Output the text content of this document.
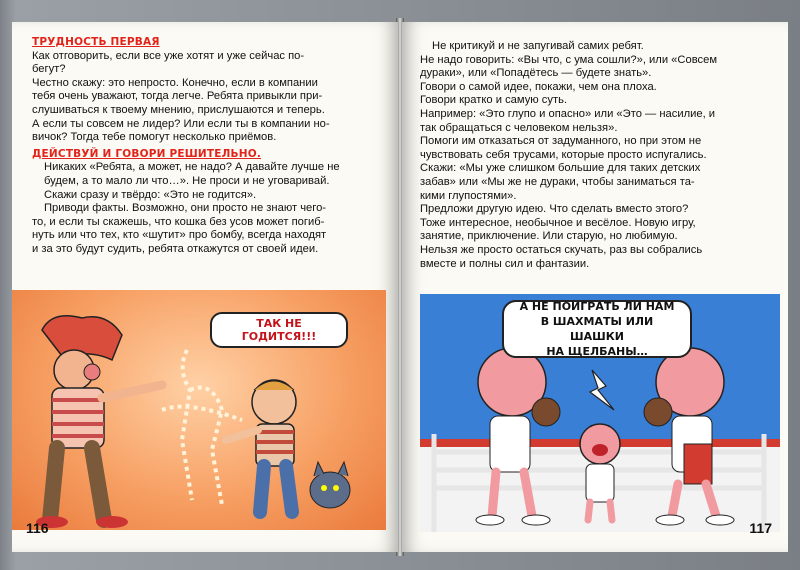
ТРУДНОСТЬ ПЕРВАЯ

Как отговорить, если все уже хотят и уже сейчас по-

бегут?

Честно скажу: это непросто. Конечно, если в компании

тебя очень уважают, тогда легче. Ребята привыкли при-

слушиваться к твоему мнению, прислушаются и теперь.

А если ты совсем не лидер? Или если ты в компании но-

вичок? Тогда тебе помогут несколько приёмов.

ДЕЙСТВУЙ И ГОВОРИ РЕШИТЕЛЬНО.

Никаких «Ребята, а может, не надо? А давайте лучше не

будем, а то мало ли что…». Не проси и не уговаривай.

Скажи сразу и твёрдо: «Это не годится».

Приводи факты. Возможно, они просто не знают чего-

то, и если ты скажешь, что кошка без усов может погиб-

нуть или что тех, кто «шутит» про бомбу, всегда находят

и за это будут судить, ребята откажутся от своей идеи.

ТАК НЕ ГОДИТСЯ!!!
116

Не критикуй и не запугивай самих ребят.

Не надо говорить: «Вы что, с ума сошли?», или «Совсем

дураки», или «Попадётесь — будете знать».

Говори о самой идее, покажи, чем она плоха.

Говори кратко и самую суть.

Например: «Это глупо и опасно» или «Это — насилие, и

так обращаться с человеком нельзя».

Помоги им отказаться от задуманного, но при этом не

чувствовать себя трусами, которые просто испугались.

Скажи: «Мы уже слишком большие для таких детских

забав» или «Мы же не дураки, чтобы заниматься та-

кими глупостями».

Предложи другую идею. Что сделать вместо этого?

Тоже интересное, необычное и весёлое. Новую игру,

занятие, приключение. Или старую, но любимую.

Нельзя же просто остаться скучать, раз вы собрались

вместе и полны сил и фантазии.

А НЕ ПОИГРАТЬ ЛИ НАМ
В ШАХМАТЫ ИЛИ ШАШКИ
НА ЩЕЛБАНЫ…
117
